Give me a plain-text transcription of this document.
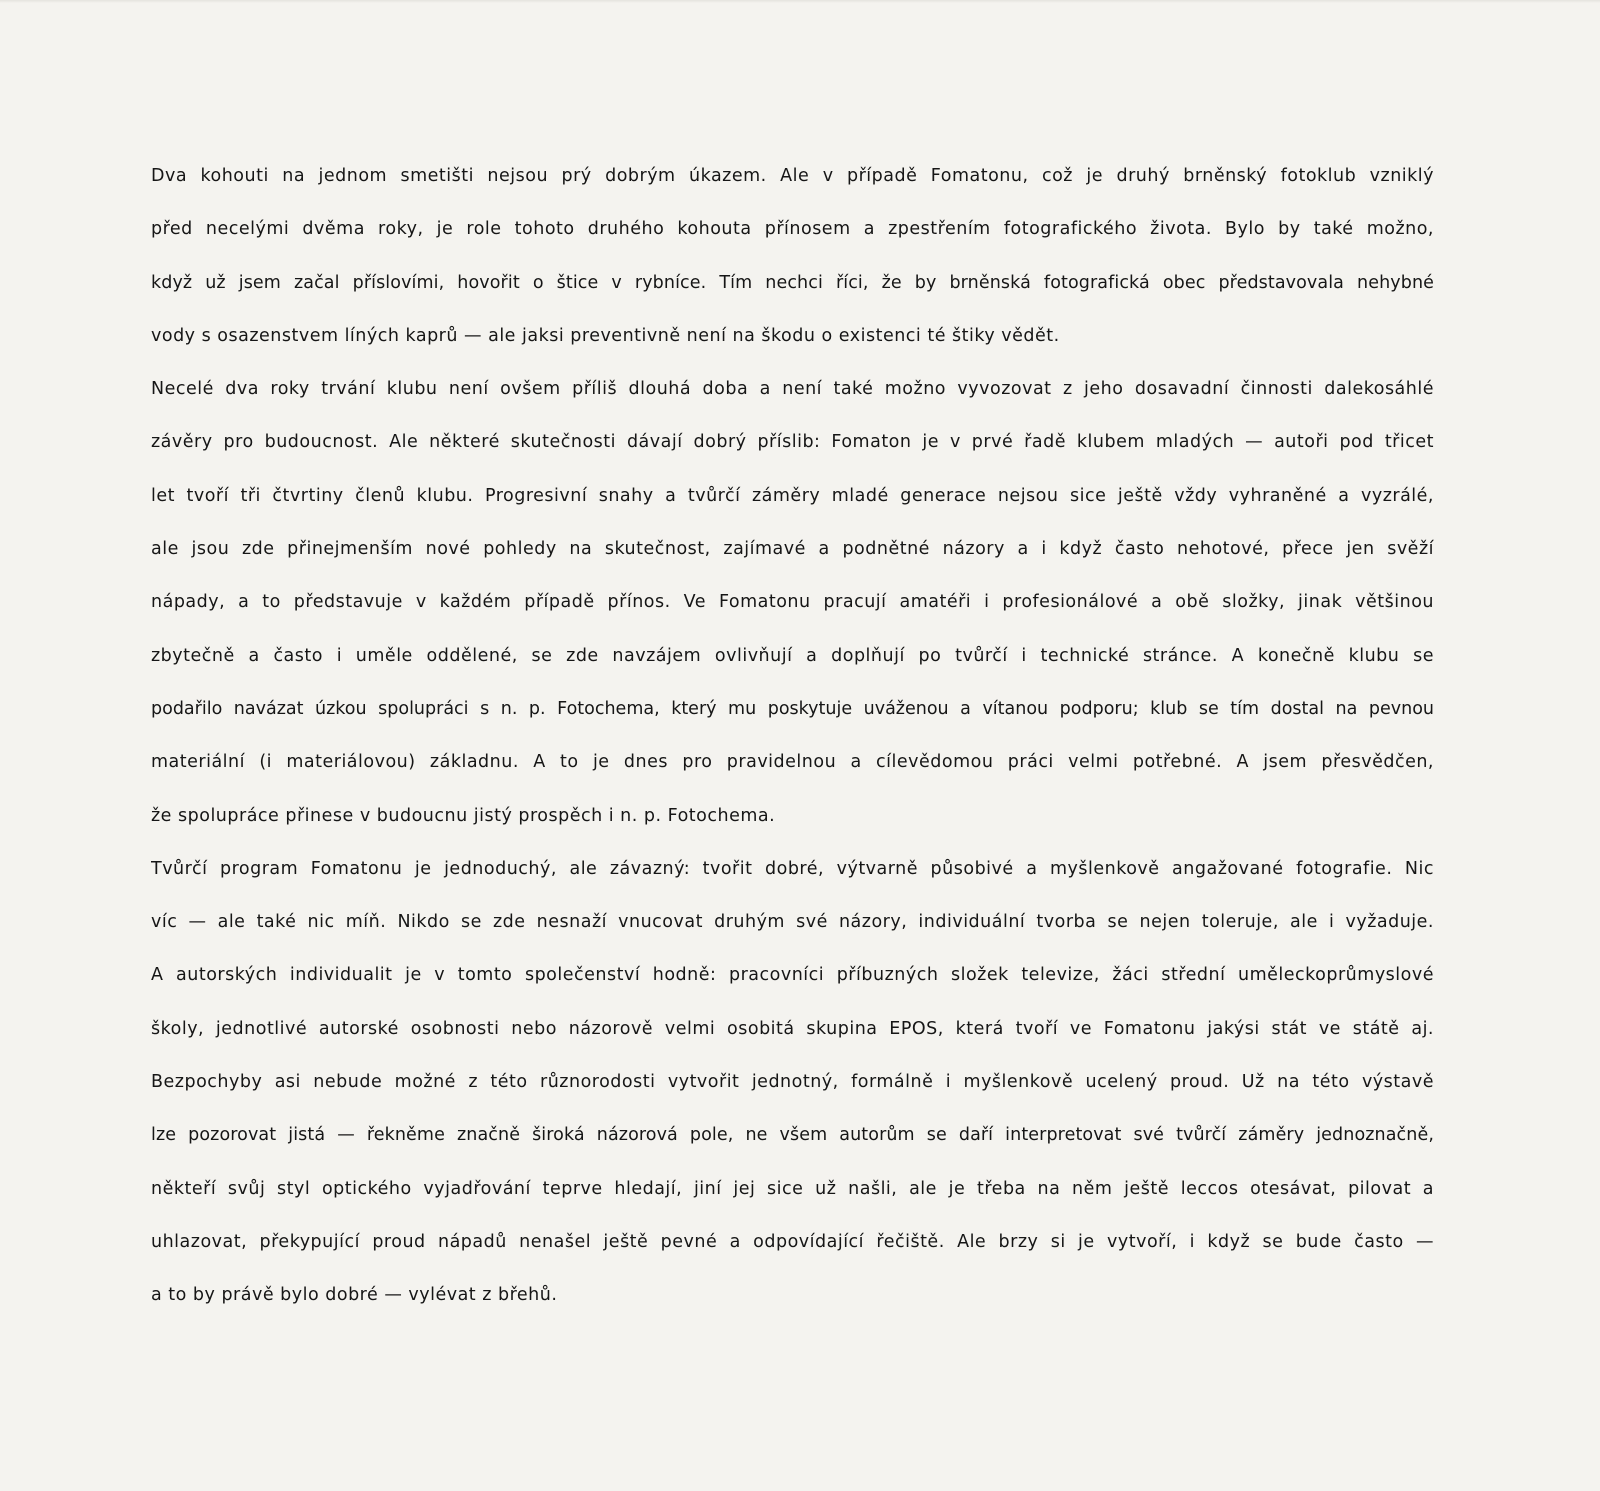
Dva kohouti na jednom smetišti nejsou prý dobrým úkazem. Ale v případě Fomatonu, což je druhý brněnský fotoklub vzniklý
před necelými dvěma roky, je role tohoto druhého kohouta přínosem a zpestřením fotografického života. Bylo by také možno,
když už jsem začal příslovími, hovořit o štice v rybníce. Tím nechci říci, že by brněnská fotografická obec představovala nehybné
vody s osazenstvem líných kaprů — ale jaksi preventivně není na škodu o existenci té štiky vědět.
Necelé dva roky trvání klubu není ovšem příliš dlouhá doba a není také možno vyvozovat z jeho dosavadní činnosti dalekosáhlé
závěry pro budoucnost. Ale některé skutečnosti dávají dobrý příslib: Fomaton je v prvé řadě klubem mladých — autoři pod třicet
let tvoří tři čtvrtiny členů klubu. Progresivní snahy a tvůrčí záměry mladé generace nejsou sice ještě vždy vyhraněné a vyzrálé,
ale jsou zde přinejmenším nové pohledy na skutečnost, zajímavé a podnětné názory a i když často nehotové, přece jen svěží
nápady, a to představuje v každém případě přínos. Ve Fomatonu pracují amatéři i profesionálové a obě složky, jinak většinou
zbytečně a často i uměle oddělené, se zde navzájem ovlivňují a doplňují po tvůrčí i technické stránce. A konečně klubu se
podařilo navázat úzkou spolupráci s n. p. Fotochema, který mu poskytuje uváženou a vítanou podporu; klub se tím dostal na pevnou
materiální (i materiálovou) základnu. A to je dnes pro pravidelnou a cílevědomou práci velmi potřebné. A jsem přesvědčen,
že spolupráce přinese v budoucnu jistý prospěch i n. p. Fotochema.
Tvůrčí program Fomatonu je jednoduchý, ale závazný: tvořit dobré, výtvarně působivé a myšlenkově angažované fotografie. Nic
víc — ale také nic míň. Nikdo se zde nesnaží vnucovat druhým své názory, individuální tvorba se nejen toleruje, ale i vyžaduje.
A autorských individualit je v tomto společenství hodně: pracovníci příbuzných složek televize, žáci střední uměleckoprůmyslové
školy, jednotlivé autorské osobnosti nebo názorově velmi osobitá skupina EPOS, která tvoří ve Fomatonu jakýsi stát ve státě aj.
Bezpochyby asi nebude možné z této různorodosti vytvořit jednotný, formálně i myšlenkově ucelený proud. Už na této výstavě
lze pozorovat jistá — řekněme značně široká názorová pole, ne všem autorům se daří interpretovat své tvůrčí záměry jednoznačně,
někteří svůj styl optického vyjadřování teprve hledají, jiní jej sice už našli, ale je třeba na něm ještě leccos otesávat, pilovat a
uhlazovat, překypující proud nápadů nenašel ještě pevné a odpovídající řečiště. Ale brzy si je vytvoří, i když se bude často —
a to by právě bylo dobré — vylévat z břehů.
